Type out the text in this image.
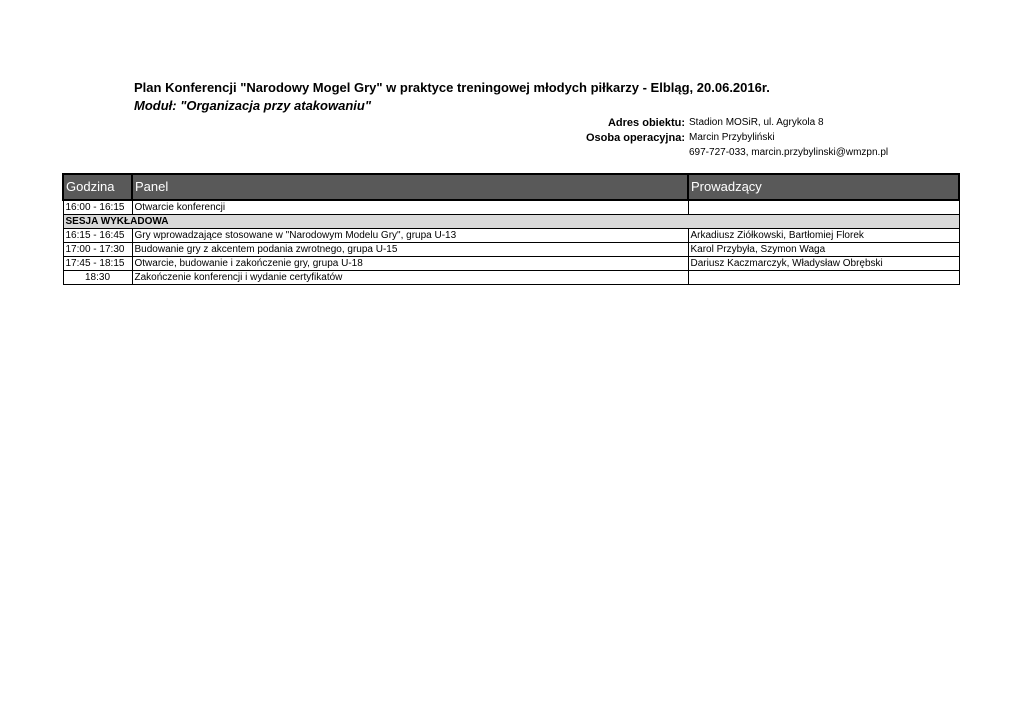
Plan Konferencji "Narodowy Mogel Gry" w praktyce treningowej młodych piłkarzy - Elbląg, 20.06.2016r.
Moduł: "Organizacja przy atakowaniu"
Adres obiektu: Stadion MOSiR, ul. Agrykola 8
Osoba operacyjna: Marcin Przybyliński
697-727-033, marcin.przybylinski@wmzpn.pl
Godzina	Panel	Prowadzący
16:00 - 16:15	Otwarcie konferencji	
SESJA WYKŁADOWA		
16:15 - 16:45	Gry wprowadzające stosowane w "Narodowym Modelu Gry", grupa U-13	Arkadiusz Ziółkowski, Bartłomiej Florek
17:00 - 17:30	Budowanie gry z akcentem podania zwrotnego, grupa U-15	Karol Przybyła, Szymon Waga
17:45 - 18:15	Otwarcie, budowanie i zakończenie gry, grupa U-18	Dariusz Kaczmarczyk, Władysław Obrębski
18:30	Zakończenie konferencji i wydanie certyfikatów	
